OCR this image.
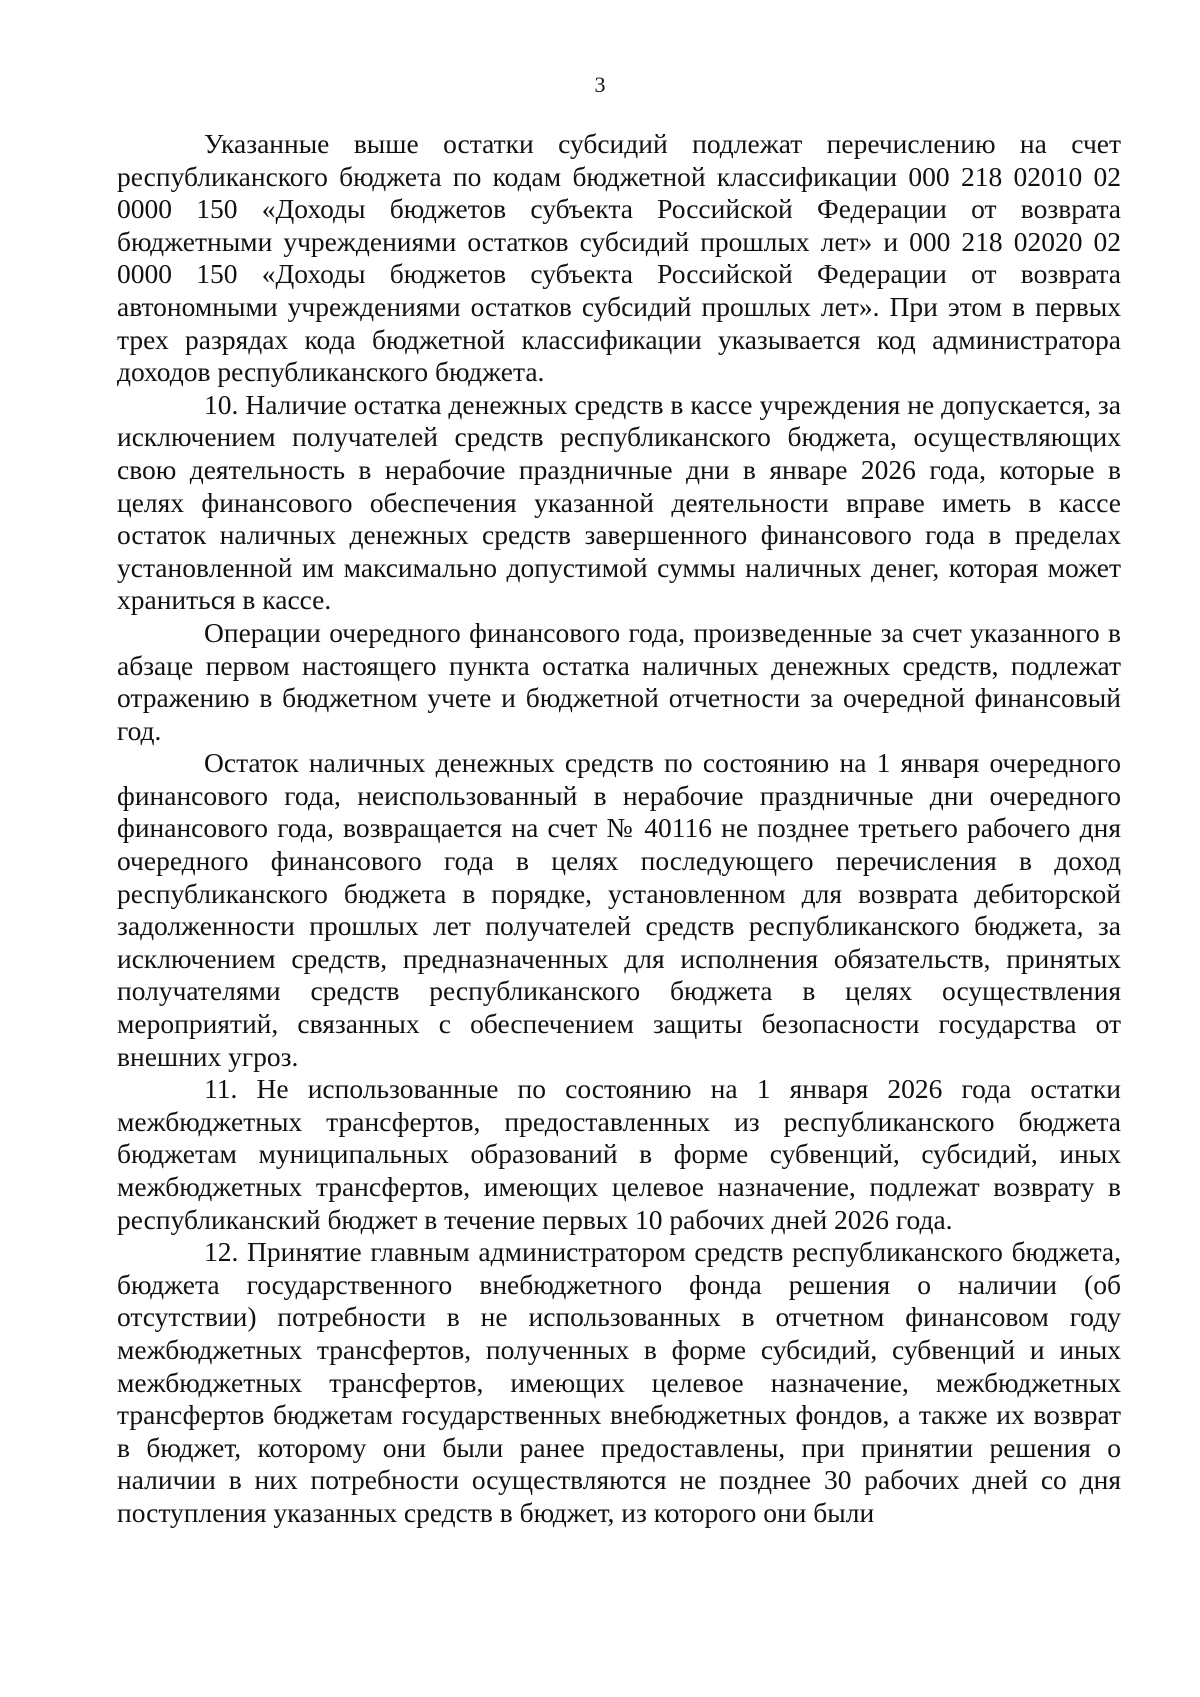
3

Указанные выше остатки субсидий подлежат перечислению на счет республиканского бюджета по кодам бюджетной классификации 000 218 02010 02 0000 150 «Доходы бюджетов субъекта Российской Федерации от возврата бюджетными учреждениями остатков субсидий прошлых лет» и 000 218 02020 02 0000 150 «Доходы бюджетов субъекта Российской Федерации от возврата автономными учреждениями остатков субсидий прошлых лет». При этом в первых трех разрядах кода бюджетной классификации указывается код администратора доходов республиканского бюджета.

10. Наличие остатка денежных средств в кассе учреждения не допускается, за исключением получателей средств республиканского бюджета, осуществляющих свою деятельность в нерабочие праздничные дни в январе 2026 года, которые в целях финансового обеспечения указанной деятельности вправе иметь в кассе остаток наличных денежных средств завершенного финансового года в пределах установленной им максимально допустимой суммы наличных денег, которая может храниться в кассе.

Операции очередного финансового года, произведенные за счет указанного в абзаце первом настоящего пункта остатка наличных денежных средств, подлежат отражению в бюджетном учете и бюджетной отчетности за очередной финансовый год.

Остаток наличных денежных средств по состоянию на 1 января очередного финансового года, неиспользованный в нерабочие праздничные дни очередного финансового года, возвращается на счет № 40116 не позднее третьего рабочего дня очередного финансового года в целях последующего перечисления в доход республиканского бюджета в порядке, установленном для возврата дебиторской задолженности прошлых лет получателей средств республиканского бюджета, за исключением средств, предназначенных для исполнения обязательств, принятых получателями средств республиканского бюджета в целях осуществления мероприятий, связанных с обеспечением защиты безопасности государства от внешних угроз.

11. Не использованные по состоянию на 1 января 2026 года остатки межбюджетных трансфертов, предоставленных из республиканского бюджета бюджетам муниципальных образований в форме субвенций, субсидий, иных межбюджетных трансфертов, имеющих целевое назначение, подлежат возврату в республиканский бюджет в течение первых 10 рабочих дней 2026 года.

12. Принятие главным администратором средств республиканского бюджета, бюджета государственного внебюджетного фонда решения о наличии (об отсутствии) потребности в не использованных в отчетном финансовом году межбюджетных трансфертов, полученных в форме субсидий, субвенций и иных межбюджетных трансфертов, имеющих целевое назначение, межбюджетных трансфертов бюджетам государственных внебюджетных фондов, а также их возврат в бюджет, которому они были ранее предоставлены, при принятии решения о наличии в них потребности осуществляются не позднее 30 рабочих дней со дня поступления указанных средств в бюджет, из которого они были
